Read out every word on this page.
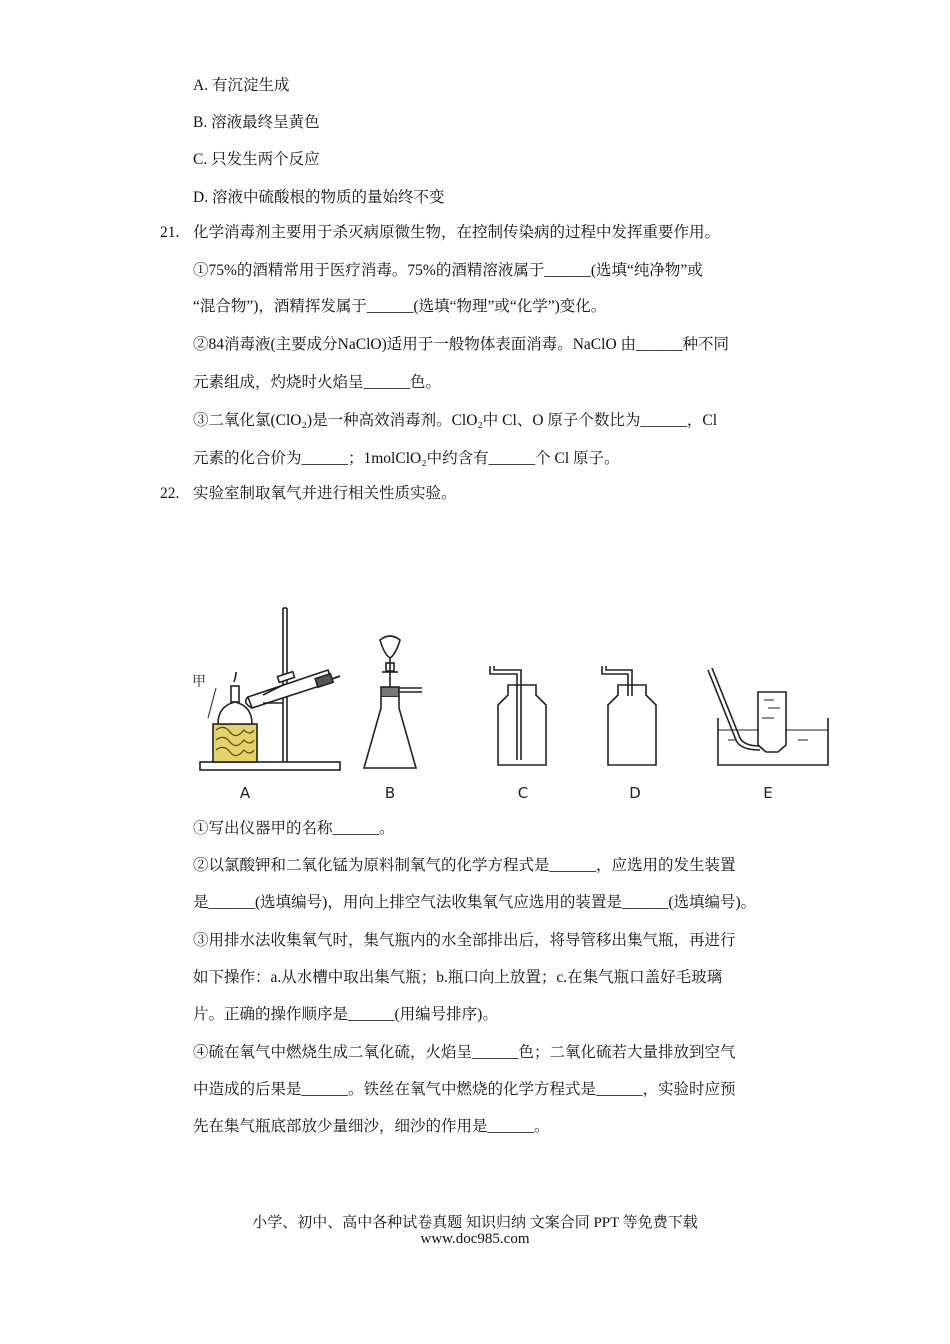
A. 有沉淀生成
B. 溶液最终呈黄色
C. 只发生两个反应
D. 溶液中硫酸根的物质的量始终不变
21. 化学消毒剂主要用于杀灭病原微生物，在控制传染病的过程中发挥重要作用。
①75%的酒精常用于医疗消毒。75%的酒精溶液属于______(选填“纯净物”或
“混合物”)，酒精挥发属于______(选填“物理”或“化学”)变化。
②84消毒液(主要成分NaClO)适用于一般物体表面消毒。NaClO 由______种不同
元素组成，灼烧时火焰呈______色。
③二氧化氯(ClO₂)是一种高效消毒剂。ClO₂中 Cl、O 原子个数比为______，Cl
元素的化合价为______；1molClO₂中约含有______个 Cl 原子。
22. 实验室制取氧气并进行相关性质实验。
甲
A	B	C	D	E
①写出仪器甲的名称______。
②以氯酸钾和二氧化锰为原料制氧气的化学方程式是______，应选用的发生装置
是______(选填编号)，用向上排空气法收集氧气应选用的装置是______(选填编号)。
③用排水法收集氧气时，集气瓶内的水全部排出后，将导管移出集气瓶，再进行
如下操作：a.从水槽中取出集气瓶；b.瓶口向上放置；c.在集气瓶口盖好毛玻璃
片。正确的操作顺序是______(用编号排序)。
④硫在氧气中燃烧生成二氧化硫，火焰呈______色；二氧化硫若大量排放到空气
中造成的后果是______。铁丝在氧气中燃烧的化学方程式是______，实验时应预
先在集气瓶底部放少量细沙，细沙的作用是______。
小学、初中、高中各种试卷真题 知识归纳 文案合同 PPT 等免费下载
www.doc985.com
